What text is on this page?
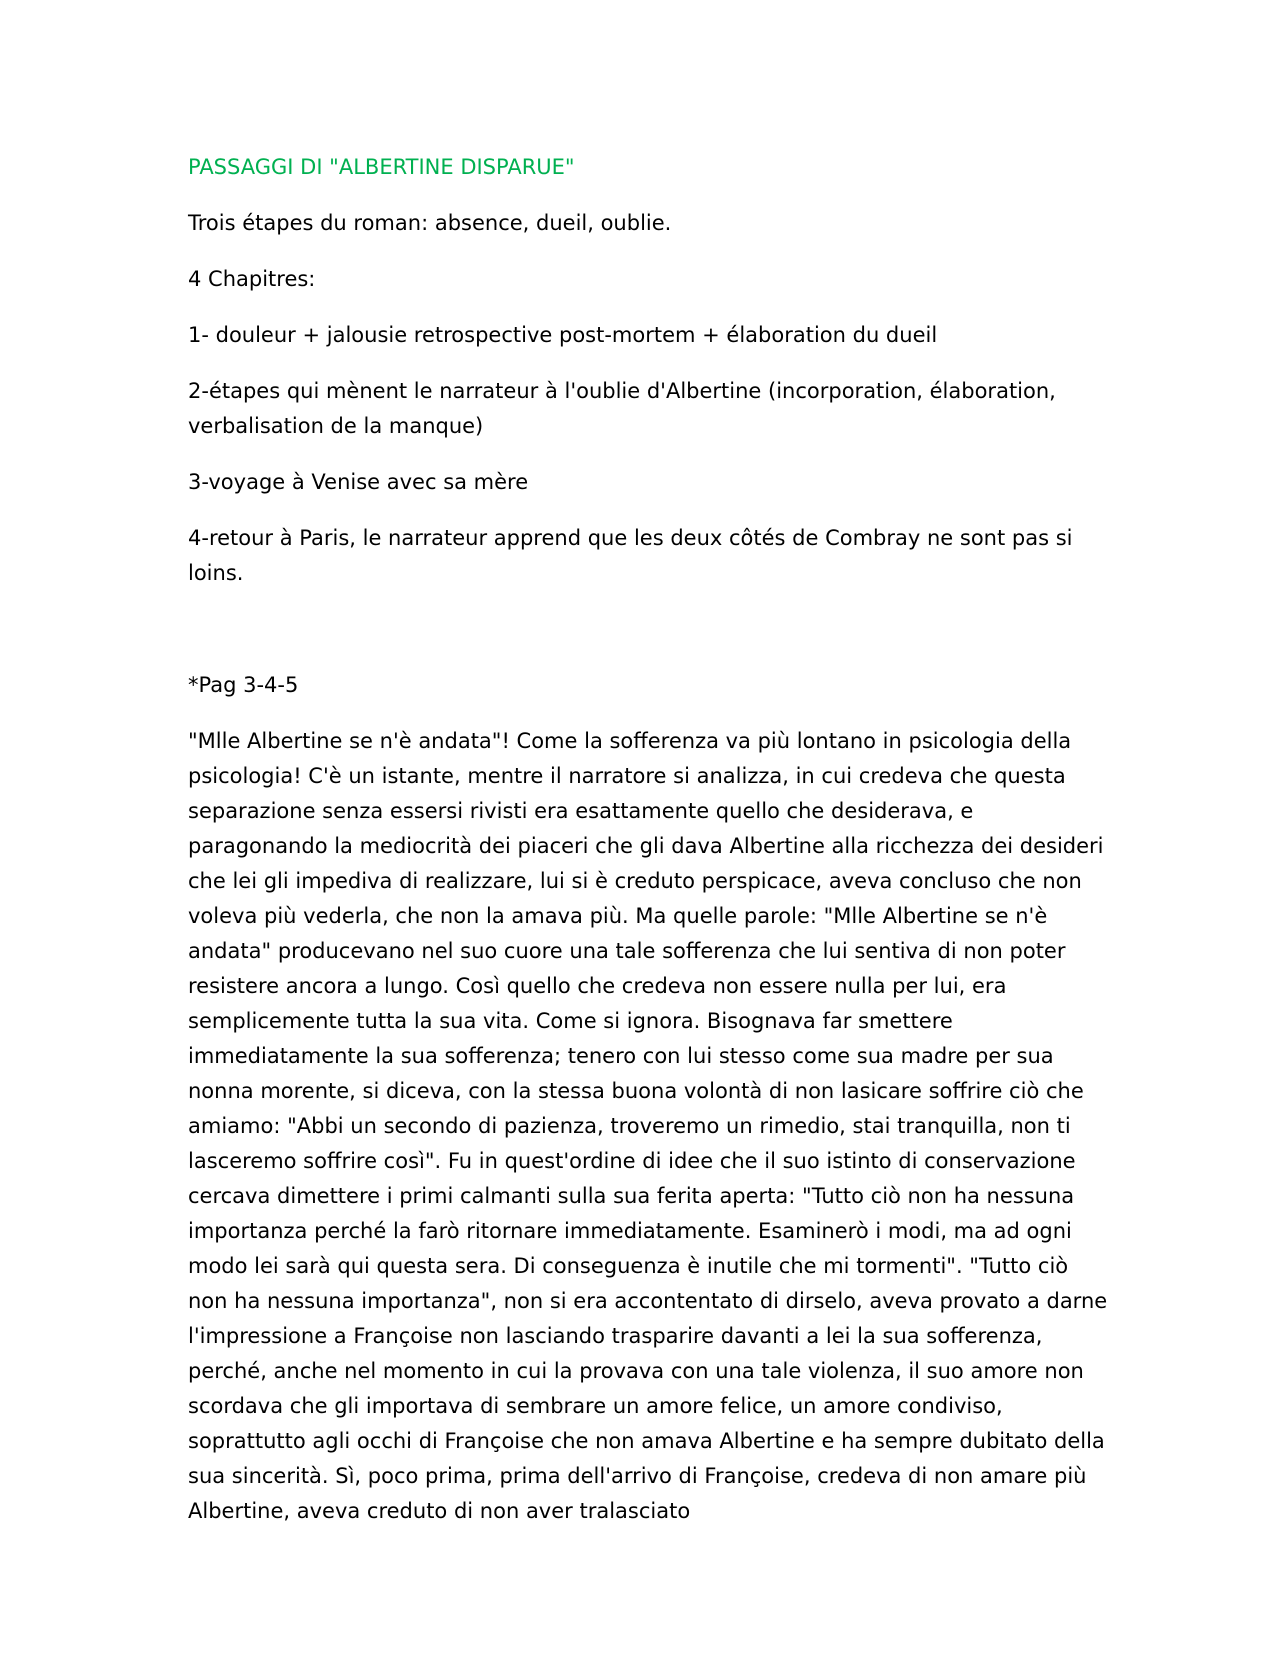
PASSAGGI DI "ALBERTINE DISPARUE"

Trois étapes du roman: absence, dueil, oublie.

4 Chapitres:

1- douleur + jalousie retrospective post-mortem + élaboration du dueil

2-étapes qui mènent le narrateur à l'oublie d'Albertine (incorporation, élaboration, verbalisation de la manque)

3-voyage à Venise avec sa mère

4-retour à Paris, le narrateur apprend que les deux côtés de Combray ne sont pas si loins.

*Pag 3-4-5

"Mlle Albertine se n'è andata"! Come la sofferenza va più lontano in psicologia della psicologia! C'è un istante, mentre il narratore si analizza, in cui credeva che questa separazione senza essersi rivisti era esattamente quello che desiderava, e paragonando la mediocrità dei piaceri che gli dava Albertine alla ricchezza dei desideri che lei gli impediva di realizzare, lui si è creduto perspicace, aveva concluso che non voleva più vederla, che non la amava più. Ma quelle parole: "Mlle Albertine se n'è andata" producevano nel suo cuore una tale sofferenza che lui sentiva di non poter resistere ancora a lungo. Così quello che credeva non essere nulla per lui, era semplicemente tutta la sua vita. Come si ignora. Bisognava far smettere immediatamente la sua sofferenza; tenero con lui stesso come sua madre per sua nonna morente, si diceva, con la stessa buona volontà di non lasicare soffrire ciò che amiamo: "Abbi un secondo di pazienza, troveremo un rimedio, stai tranquilla, non ti lasceremo soffrire così". Fu in quest'ordine di idee che il suo istinto di conservazione cercava dimettere i primi calmanti sulla sua ferita aperta: "Tutto ciò non ha nessuna importanza perché la farò ritornare immediatamente. Esaminerò i modi, ma ad ogni modo lei sarà qui questa sera. Di conseguenza è inutile che mi tormenti". "Tutto ciò non ha nessuna importanza", non si era accontentato di dirselo, aveva provato a darne l'impressione a Françoise non lasciando trasparire davanti a lei la sua sofferenza, perché, anche nel momento in cui la provava con una tale violenza, il suo amore non scordava che gli importava di sembrare un amore felice, un amore condiviso, soprattutto agli occhi di Françoise che non amava Albertine e ha sempre dubitato della sua sincerità. Sì, poco prima, prima dell'arrivo di Françoise, credeva di non amare più Albertine, aveva creduto di non aver tralasciato
